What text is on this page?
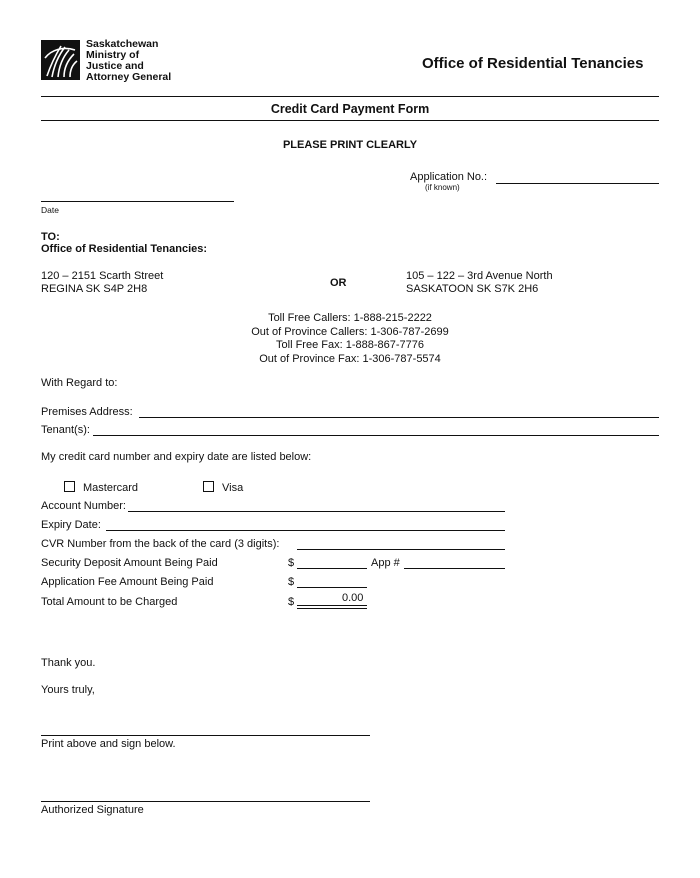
Saskatchewan
Ministry of
Justice and
Attorney General
Office of Residential Tenancies
Credit Card Payment Form
PLEASE PRINT CLEARLY
Application No.:
(if known)
Date
TO:
Office of Residential Tenancies:
120 – 2151 Scarth Street
REGINA SK S4P 2H8	OR
105 – 122 – 3rd Avenue North
SASKATOON SK S7K 2H6
Toll Free Callers: 1-888-215-2222
Out of Province Callers: 1-306-787-2699
Toll Free Fax: 1-888-867-7776
Out of Province Fax: 1-306-787-5574
With Regard to:
Premises Address:
Tenant(s):
My credit card number and expiry date are listed below:
Mastercard	Visa
Account Number:
Expiry Date:
CVR Number from the back of the card (3 digits):
Security Deposit Amount Being Paid	$	App #
Application Fee Amount Being Paid	$
Total Amount to be Charged	$	0.00
Thank you.
Yours truly,
Print above and sign below.
Authorized Signature
